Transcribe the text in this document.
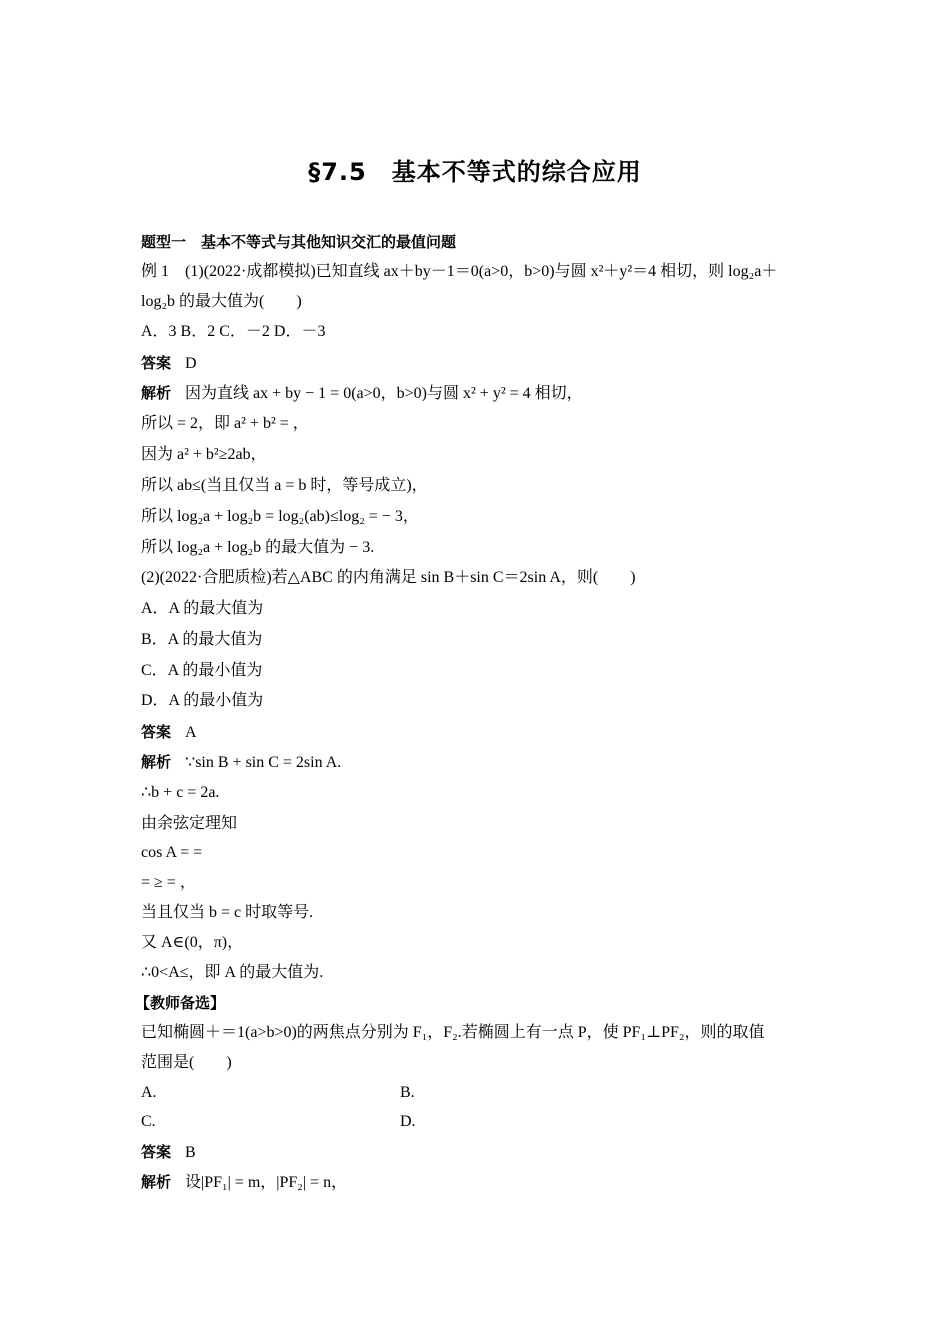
§7.5　基本不等式的综合应用
题型一　基本不等式与其他知识交汇的最值问题
例 1　 (1)(2022·成都模拟)已知直线 ax＋by－1＝0(a>0，b>0)与圆 x²＋y²＝4 相切，则 log₂a＋
log₂b 的最大值为(　　)
A．3 B．2 C．－2 D．－3
答案 D
解析 因为直线 ax + by − 1 = 0(a>0，b>0)与圆 x² + y² = 4 相切，
所以 = 2，即 a² + b² = ，
因为 a² + b²≥2ab，
所以 ab≤(当且仅当 a = b 时，等号成立)，
所以 log₂a + log₂b = log₂(ab)≤log₂ = − 3，
所以 log₂a + log₂b 的最大值为 − 3.
(2)(2022·合肥质检)若△ABC 的内角满足 sin B＋sin C＝2sin A，则(　　)
A．A 的最大值为
B．A 的最大值为
C．A 的最小值为
D．A 的最小值为
答案 A
解析 ∵sin B + sin C = 2sin A.
∴b + c = 2a.
由余弦定理知
cos A = =
= ≥ = ，
当且仅当 b = c 时取等号.
又 A∈(0，π)，
∴0<A≤，即 A 的最大值为.
【教师备选】
已知椭圆＋＝1(a>b>0)的两焦点分别为 F₁，F₂.若椭圆上有一点 P，使 PF₁⊥PF₂，则的取值
范围是(　　)
A.	B.
C.	D.
答案 B
解析 设|PF₁| = m，|PF₂| = n，
